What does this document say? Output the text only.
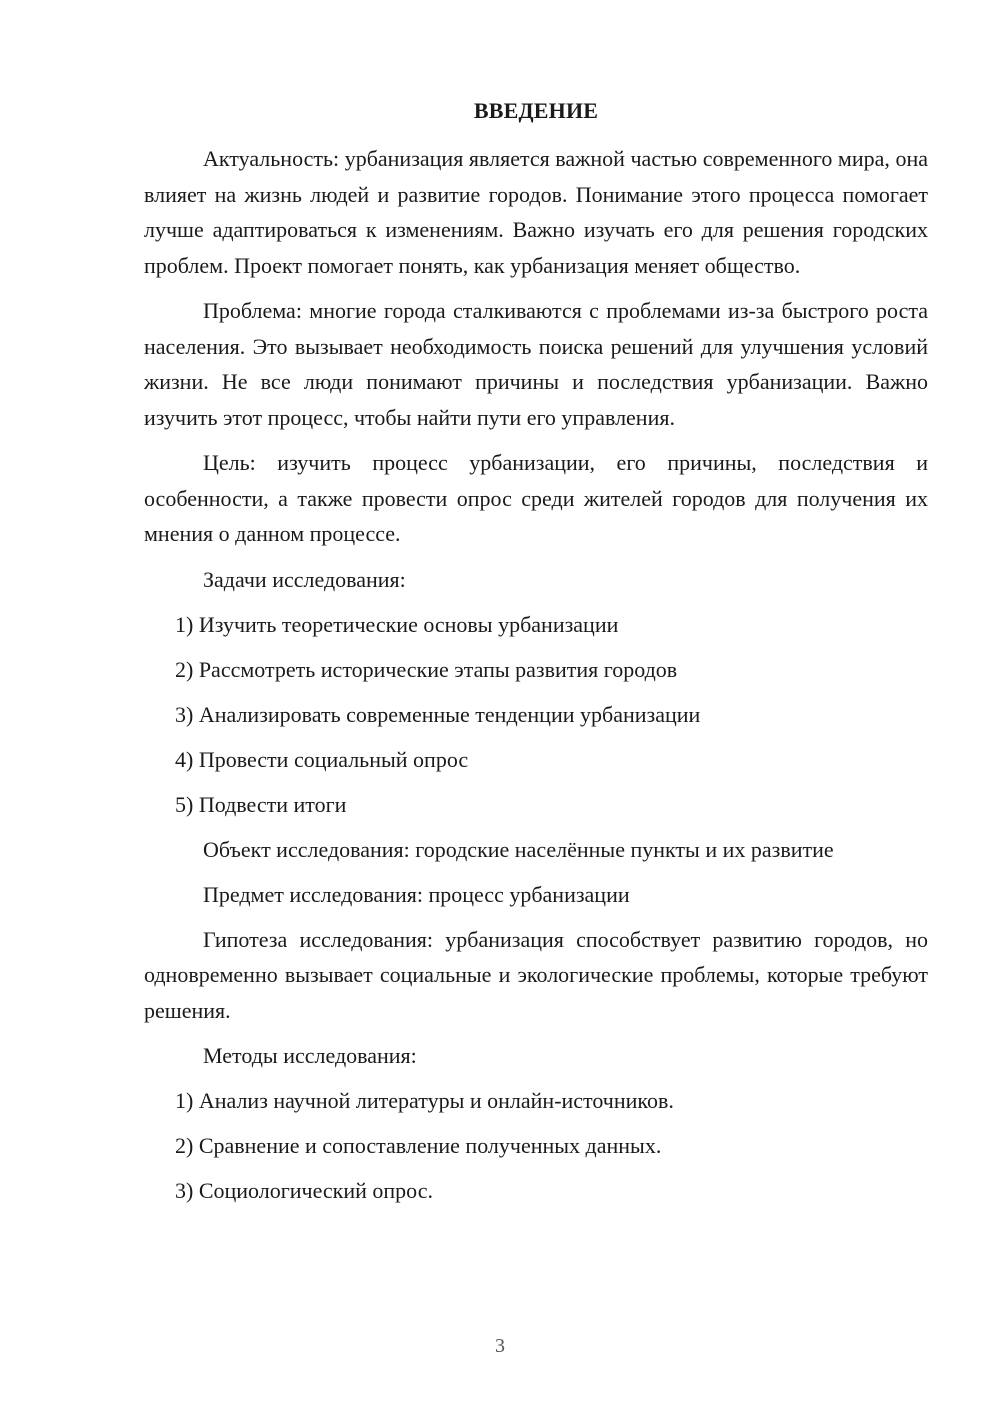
ВВЕДЕНИЕ

Актуальность: урбанизация является важной частью современного мира, она влияет на жизнь людей и развитие городов. Понимание этого процесса помогает лучше адаптироваться к изменениям. Важно изучать его для решения городских проблем. Проект помогает понять, как урбанизация меняет общество.

Проблема: многие города сталкиваются с проблемами из-за быстрого роста населения. Это вызывает необходимость поиска решений для улучшения условий жизни. Не все люди понимают причины и последствия урбанизации. Важно изучить этот процесс, чтобы найти пути его управления.

Цель: изучить процесс урбанизации, его причины, последствия и особенности, а также провести опрос среди жителей городов для получения их мнения о данном процессе.

Задачи исследования:

1) Изучить теоретические основы урбанизации

2) Рассмотреть исторические этапы развития городов

3) Анализировать современные тенденции урбанизации

4) Провести социальный опрос

5) Подвести итоги

Объект исследования: городские населённые пункты и их развитие

Предмет исследования: процесс урбанизации

Гипотеза исследования: урбанизация способствует развитию городов, но одновременно вызывает социальные и экологические проблемы, которые требуют решения.

Методы исследования:

1) Анализ научной литературы и онлайн-источников.

2) Сравнение и сопоставление полученных данных.

3) Социологический опрос.

3
